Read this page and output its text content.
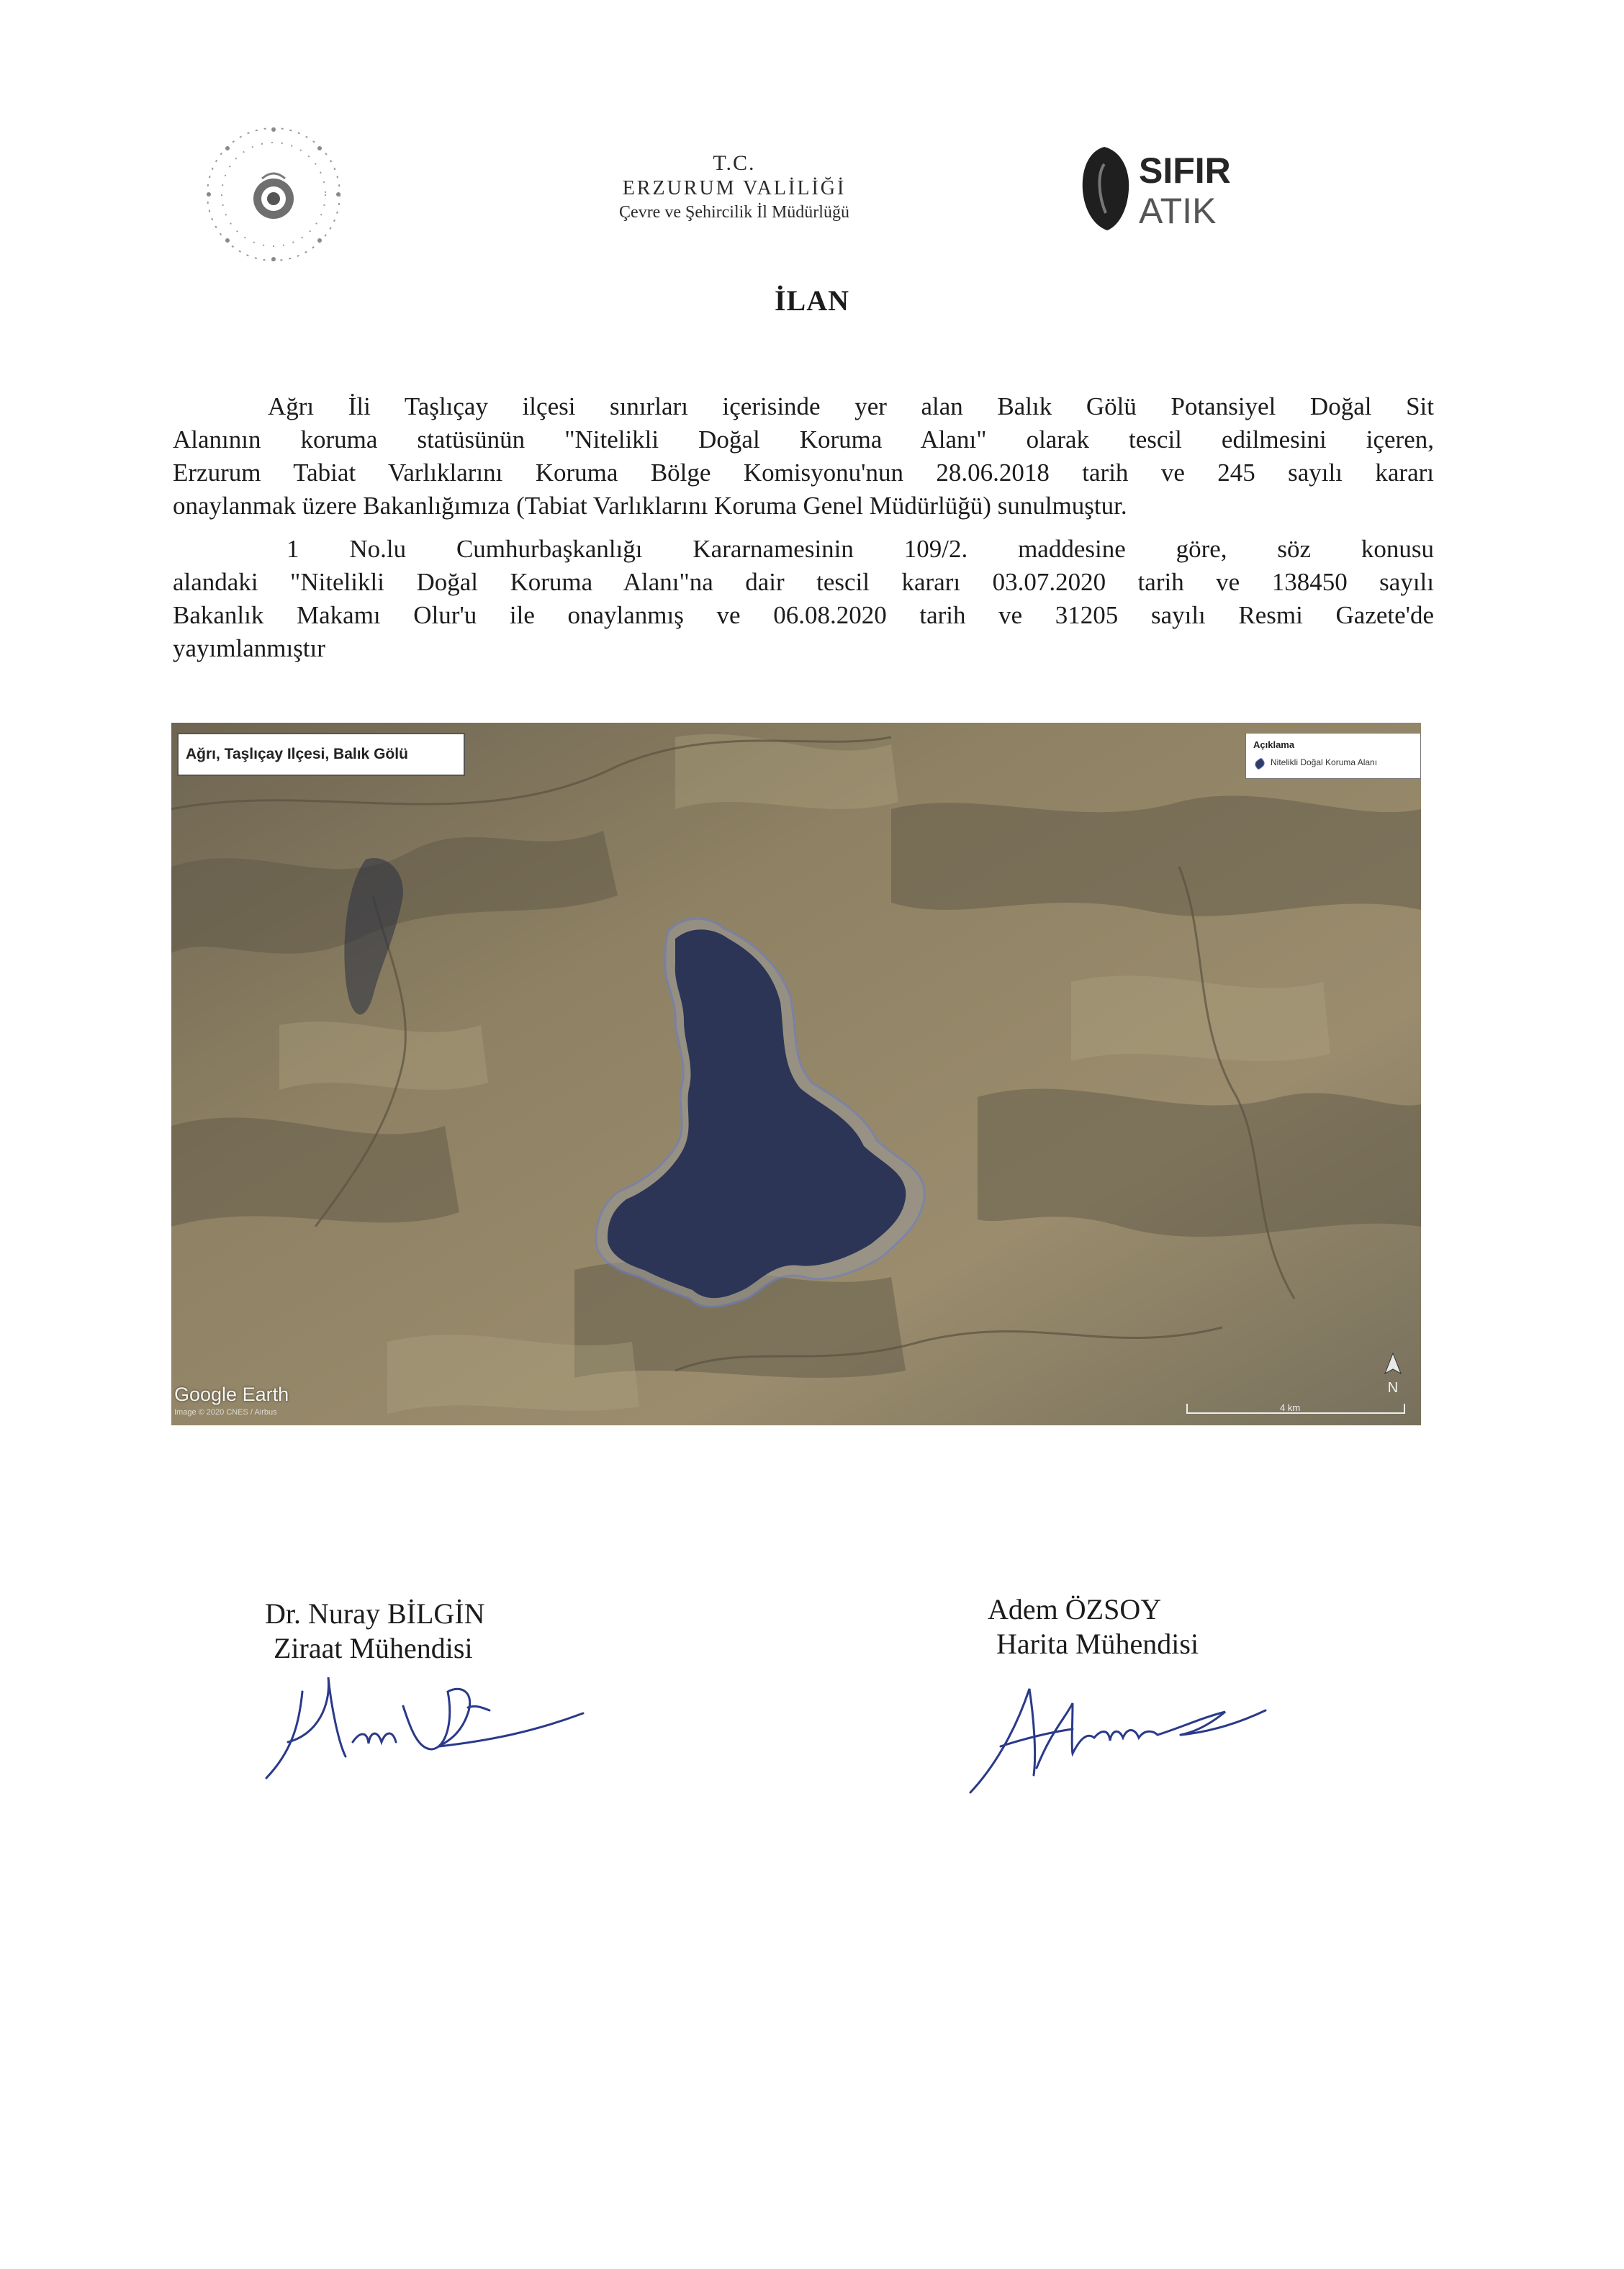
T.C.
ERZURUM VALİLİĞİ
Çevre ve Şehircilik İl Müdürlüğü
SIFIR
ATIK
İLAN
Ağrı İli Taşlıçay ilçesi sınırları içerisinde yer alan Balık Gölü Potansiyel Doğal Sit
Alanının koruma statüsünün "Nitelikli Doğal Koruma Alanı" olarak tescil edilmesini içeren,
Erzurum Tabiat Varlıklarını Koruma Bölge Komisyonu'nun 28.06.2018 tarih ve 245 sayılı kararı
onaylanmak üzere Bakanlığımıza (Tabiat Varlıklarını Koruma Genel Müdürlüğü) sunulmuştur.
1 No.lu Cumhurbaşkanlığı Kararnamesinin 109/2. maddesine göre, söz konusu
alandaki "Nitelikli Doğal Koruma Alanı"na dair tescil kararı 03.07.2020 tarih ve 138450 sayılı
Bakanlık Makamı Olur'u ile onaylanmış ve 06.08.2020 tarih ve 31205 sayılı Resmi Gazete'de
yayımlanmıştır
Ağrı, Taşlıçay Ilçesi, Balık Gölü
Açıklama
Nitelikli Doğal Koruma Alanı
Google Earth
Image © 2020 CNES / Airbus
N
4 km
Dr. Nuray BİLGİN
Ziraat Mühendisi
Adem ÖZSOY
Harita Mühendisi
